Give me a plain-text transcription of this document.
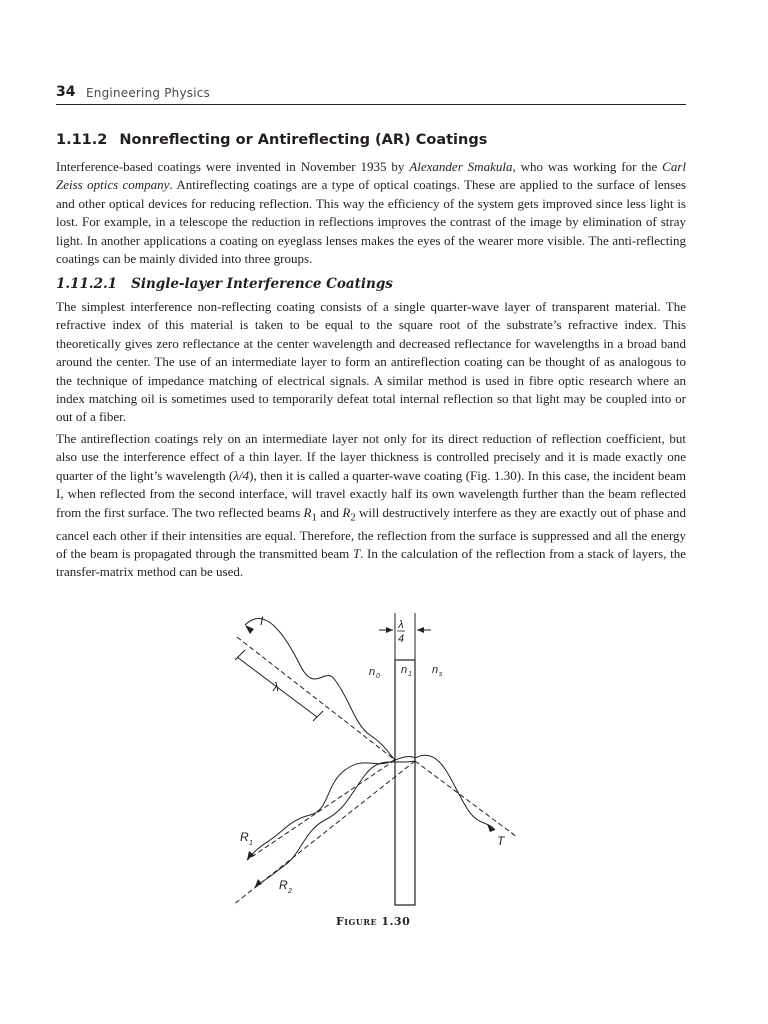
34 Engineering Physics
1.11.2 Nonreflecting or Antireflecting (AR) Coatings

Interference-based coatings were invented in November 1935 by Alexander Smakula, who was working for the Carl Zeiss optics company. Antireflecting coatings are a type of optical coatings. These are applied to the surface of lenses and other optical devices for reducing reflection. This way the efficiency of the system gets improved since less light is lost. For example, in a telescope the reduction in reflections improves the contrast of the image by elimination of stray light. In another applications a coating on eyeglass lenses makes the eyes of the wearer more visible. The anti-reflecting coatings can be mainly divided into three groups.

1.11.2.1 Single-layer Interference Coatings

The simplest interference non-reflecting coating consists of a single quarter-wave layer of transparent material. The refractive index of this material is taken to be equal to the square root of the substrate’s refractive index. This theoretically gives zero reflectance at the center wavelength and decreased reflectance for wavelengths in a broad band around the center. The use of an intermediate layer to form an antireflection coating can be thought of as analogous to the technique of impedance matching of electrical signals. A similar method is used in fibre optic research where an index matching oil is sometimes used to temporarily defeat total internal reflection so that light may be coupled into or out of a fiber.

The antireflection coatings rely on an intermediate layer not only for its direct reduction of reflection coefficient, but also use the interference effect of a thin layer. If the layer thickness is controlled precisely and it is made exactly one quarter of the light’s wavelength (λ/4), then it is called a quarter-wave coating (Fig. 1.30). In this case, the incident beam I, when reflected from the second interface, will travel exactly half its own wavelength further than the beam reflected from the first surface. The two reflected beams $R_1$ and $R_2$ will destructively interfere as they are exactly out of phase and cancel each other if their intensities are equal. Therefore, the reflection from the surface is suppressed and all the energy of the beam is propagated through the transmitted beam T. In the calculation of the reflection from a stack of layers, the transfer-matrix method can be used.

I
λ
λ
4
n 0
n 1 n s
T
R 1
R 2
Figure 1.30
